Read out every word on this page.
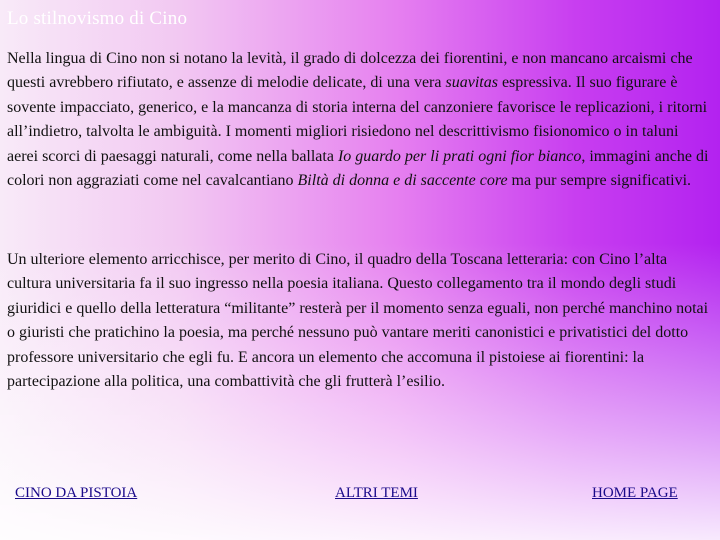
Lo stilnovismo di Cino

Nella lingua di Cino non si notano la levità, il grado di dolcezza dei fiorentini, e non mancano arcaismi che questi avrebbero rifiutato, e assenze di melodie delicate, di una vera suavitas espressiva. Il suo figurare è sovente impacciato, generico, e la mancanza di storia interna del canzoniere favorisce le replicazioni, i ritorni all’indietro, talvolta le ambiguità. I momenti migliori risiedono nel descrittivismo fisionomico o in taluni aerei scorci di paesaggi naturali, come nella ballata Io guardo per li prati ogni fior bianco, immagini anche di colori non aggraziati come nel cavalcantiano Biltà di donna e di saccente core ma pur sempre significativi.

Un ulteriore elemento arricchisce, per merito di Cino, il quadro della Toscana letteraria: con Cino l’alta cultura universitaria fa il suo ingresso nella poesia italiana. Questo collegamento tra il mondo degli studi giuridici e quello della letteratura “militante” resterà per il momento senza eguali, non perché manchino notai o giuristi che pratichino la poesia, ma perché nessuno può vantare meriti canonistici e privatistici del dotto professore universitario che egli fu. E ancora un elemento che accomuna il pistoiese ai fiorentini: la partecipazione alla politica, una combattività che gli frutterà l’esilio.

CINO DA PISTOIA	ALTRI TEMI	HOME PAGE
